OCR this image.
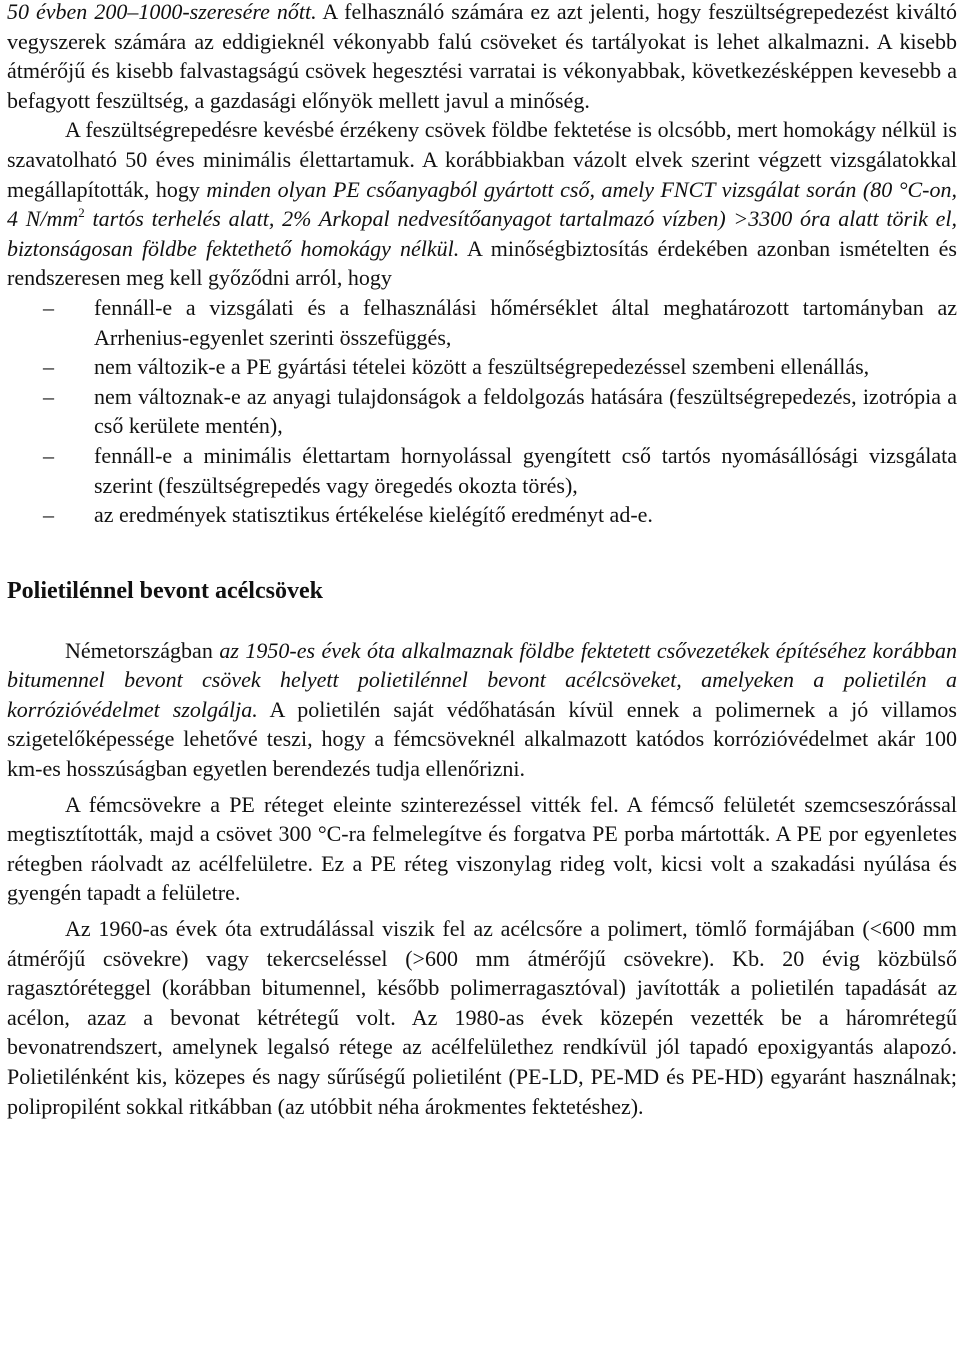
50 évben 200–1000-szeresére nőtt. A felhasználó számára ez azt jelenti, hogy feszültségrepedezést kiváltó vegyszerek számára az eddigieknél vékonyabb falú csöveket és tartályokat is lehet alkalmazni. A kisebb átmérőjű és kisebb falvastagságú csövek hegesztési varratai is vékonyabbak, következésképpen kevesebb a befagyott feszültség, a gazdasági előnyök mellett javul a minőség.

A feszültségrepedésre kevésbé érzékeny csövek földbe fektetése is olcsóbb, mert homokágy nélkül is szavatolható 50 éves minimális élettartamuk. A korábbiakban vázolt elvek szerint végzett vizsgálatokkal megállapították, hogy minden olyan PE csőanyagból gyártott cső, amely FNCT vizsgálat során (80 °C-on, 4 $N/mm^2$ tartós terhelés alatt, 2% Arkopal nedvesítőanyagot tartalmazó vízben) >3300 óra alatt törik el, biztonságosan földbe fektethető homokágy nélkül. A minőségbiztosítás érdekében azonban ismételten és rendszeresen meg kell győződni arról, hogy

– fennáll-e a vizsgálati és a felhasználási hőmérséklet által meghatározott tartományban az Arrhenius-egyenlet szerinti összefüggés,
– nem változik-e a PE gyártási tételei között a feszültségrepedezéssel szembeni ellenállás,
– nem változnak-e az anyagi tulajdonságok a feldolgozás hatására (feszültségrepedezés, izotrópia a cső kerülete mentén),
– fennáll-e a minimális élettartam hornyolással gyengített cső tartós nyomásállósági vizsgálata szerint (feszültségrepedés vagy öregedés okozta törés),
– az eredmények statisztikus értékelése kielégítő eredményt ad-e.
Polietilénnel bevont acélcsövek

Németországban az 1950-es évek óta alkalmaznak földbe fektetett csővezetékek építéséhez korábban bitumennel bevont csövek helyett polietilénnel bevont acélcsöveket, amelyeken a polietilén a korrózióvédelmet szolgálja. A polietilén saját védőhatásán kívül ennek a polimernek a jó villamos szigetelőképessége lehetővé teszi, hogy a fémcsöveknél alkalmazott katódos korrózióvédelmet akár 100 km-es hosszúságban egyetlen berendezés tudja ellenőrizni.

A fémcsövekre a PE réteget eleinte szinterezéssel vitték fel. A fémcső felületét szemcseszórással megtisztították, majd a csövet 300 °C-ra felmelegítve és forgatva PE porba mártották. A PE por egyenletes rétegben ráolvadt az acélfelületre. Ez a PE réteg viszonylag rideg volt, kicsi volt a szakadási nyúlása és gyengén tapadt a felületre.

Az 1960-as évek óta extrudálással viszik fel az acélcsőre a polimert, tömlő formájában (<600 mm átmérőjű csövekre) vagy tekercseléssel (>600 mm átmérőjű csövekre). Kb. 20 évig közbülső ragasztóréteggel (korábban bitumennel, később polimerragasztóval) javították a polietilén tapadását az acélon, azaz a bevonat kétrétegű volt. Az 1980-as évek közepén vezették be a háromrétegű bevonatrendszert, amelynek legalsó rétege az acélfelülethez rendkívül jól tapadó epoxigyantás alapozó. Polietilénként kis, közepes és nagy sűrűségű polietilént (PE-LD, PE-MD és PE-HD) egyaránt használnak; polipropilént sokkal ritkábban (az utóbbit néha árokmentes fektetéshez).
